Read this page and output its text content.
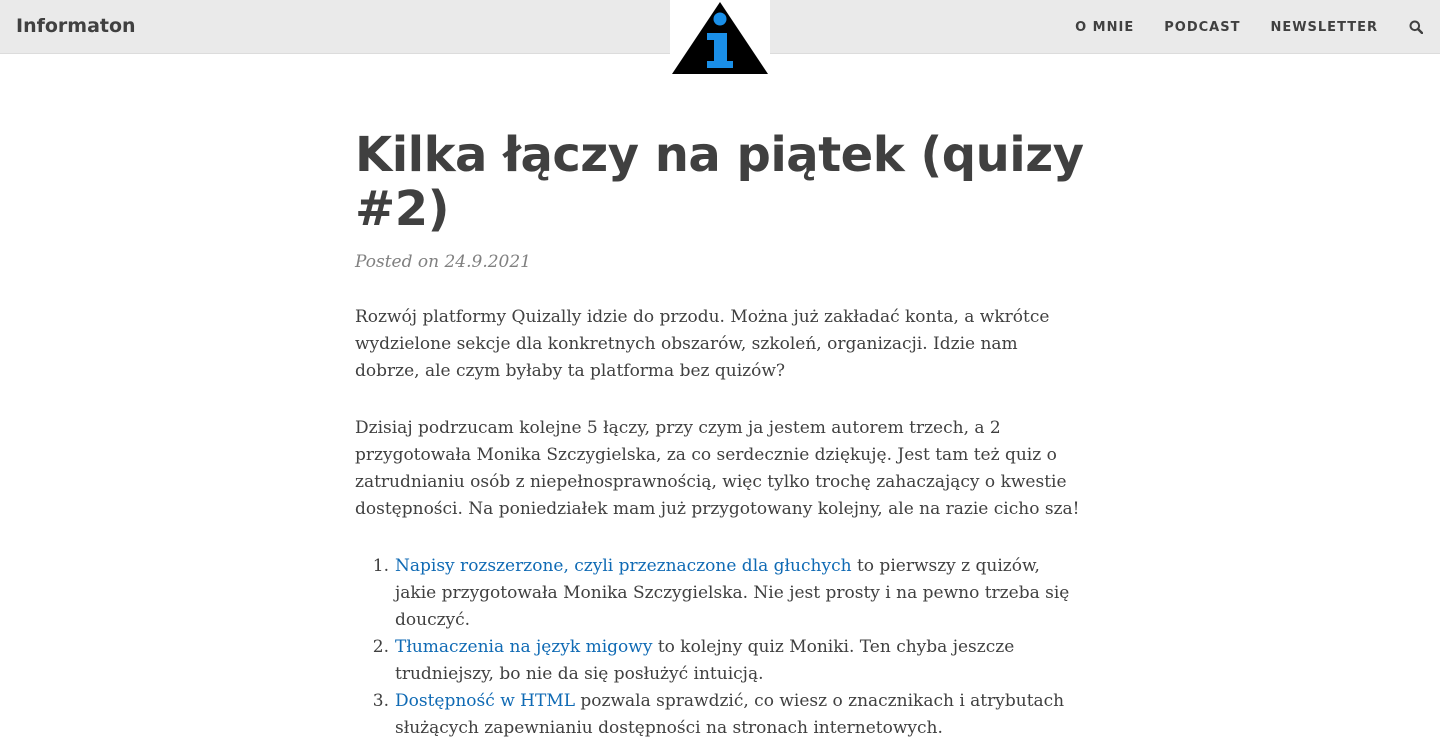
Informaton	O MNIE PODCAST NEWSLETTER
Kilka łączy na piątek (quizy #2)
Posted on 24.9.2021

Rozwój platformy Quizally idzie do przodu. Można już zakładać konta, a wkrótce wydzielone sekcje dla konkretnych obszarów, szkoleń, organizacji. Idzie nam dobrze, ale czym byłaby ta platforma bez quizów?

Dzisiaj podrzucam kolejne 5 łączy, przy czym ja jestem autorem trzech, a 2 przygotowała Monika Szczygielska, za co serdecznie dziękuję. Jest tam też quiz o zatrudnianiu osób z niepełnosprawnością, więc tylko trochę zahaczający o kwestie dostępności. Na poniedziałek mam już przygotowany kolejny, ale na razie cicho sza!

1. Napisy rozszerzone, czyli przeznaczone dla głuchych to pierwszy z quizów, jakie przygotowała Monika Szczygielska. Nie jest prosty i na pewno trzeba się douczyć.
2. Tłumaczenia na język migowy to kolejny quiz Moniki. Ten chyba jeszcze trudniejszy, bo nie da się posłużyć intuicją.
3. Dostępność w HTML pozwala sprawdzić, co wiesz o znacznikach i atrybutach służących zapewnianiu dostępności na stronach internetowych.
